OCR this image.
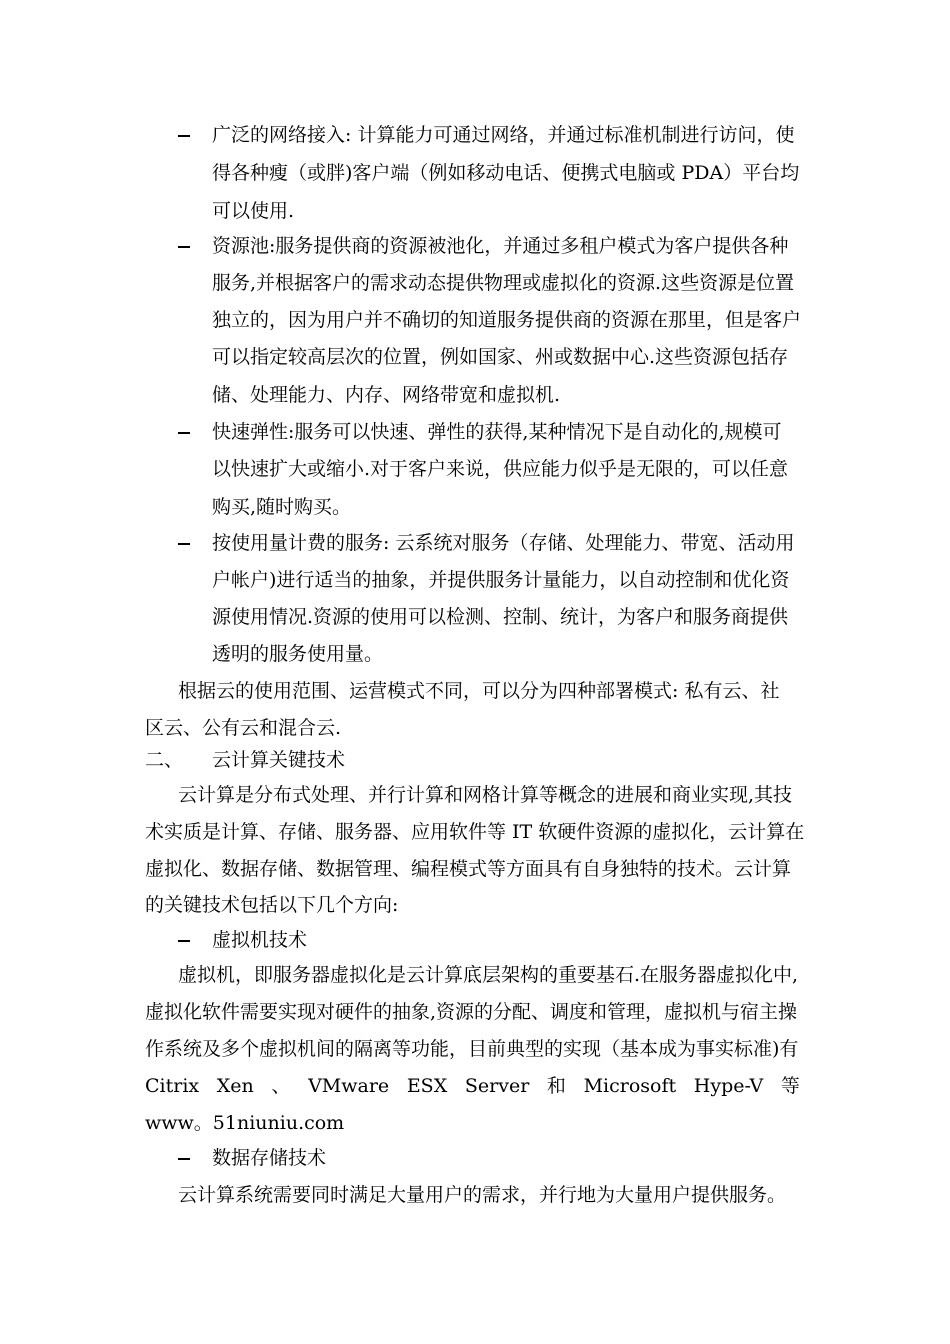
广泛的网络接入: 计算能力可通过网络，并通过标准机制进行访问，使
得各种瘦（或胖)客户端（例如移动电话、便携式电脑或 PDA）平台均
可以使用.
资源池:服务提供商的资源被池化，并通过多租户模式为客户提供各种
服务,并根据客户的需求动态提供物理或虚拟化的资源.这些资源是位置
独立的，因为用户并不确切的知道服务提供商的资源在那里，但是客户
可以指定较高层次的位置，例如国家、州或数据中心.这些资源包括存
储、处理能力、内存、网络带宽和虚拟机.
快速弹性:服务可以快速、弹性的获得,某种情况下是自动化的,规模可
以快速扩大或缩小.对于客户来说，供应能力似乎是无限的，可以任意
购买,随时购买。
按使用量计费的服务: 云系统对服务（存储、处理能力、带宽、活动用
户帐户)进行适当的抽象，并提供服务计量能力，以自动控制和优化资
源使用情况.资源的使用可以检测、控制、统计，为客户和服务商提供
透明的服务使用量。
根据云的使用范围、运营模式不同，可以分为四种部署模式: 私有云、社
区云、公有云和混合云.
二、 云计算关键技术
云计算是分布式处理、并行计算和网格计算等概念的进展和商业实现,其技
术实质是计算、存储、服务器、应用软件等 IT 软硬件资源的虚拟化，云计算在
虚拟化、数据存储、数据管理、编程模式等方面具有自身独特的技术。云计算
的关键技术包括以下几个方向:
虚拟机技术
虚拟机，即服务器虚拟化是云计算底层架构的重要基石.在服务器虚拟化中,
虚拟化软件需要实现对硬件的抽象,资源的分配、调度和管理，虚拟机与宿主操
作系统及多个虚拟机间的隔离等功能，目前典型的实现（基本成为事实标准)有
Citrix Xen 、 VMware ESX Server 和 Microsoft Hype-V 等
www。51niuniu.com
数据存储技术
云计算系统需要同时满足大量用户的需求，并行地为大量用户提供服务。
